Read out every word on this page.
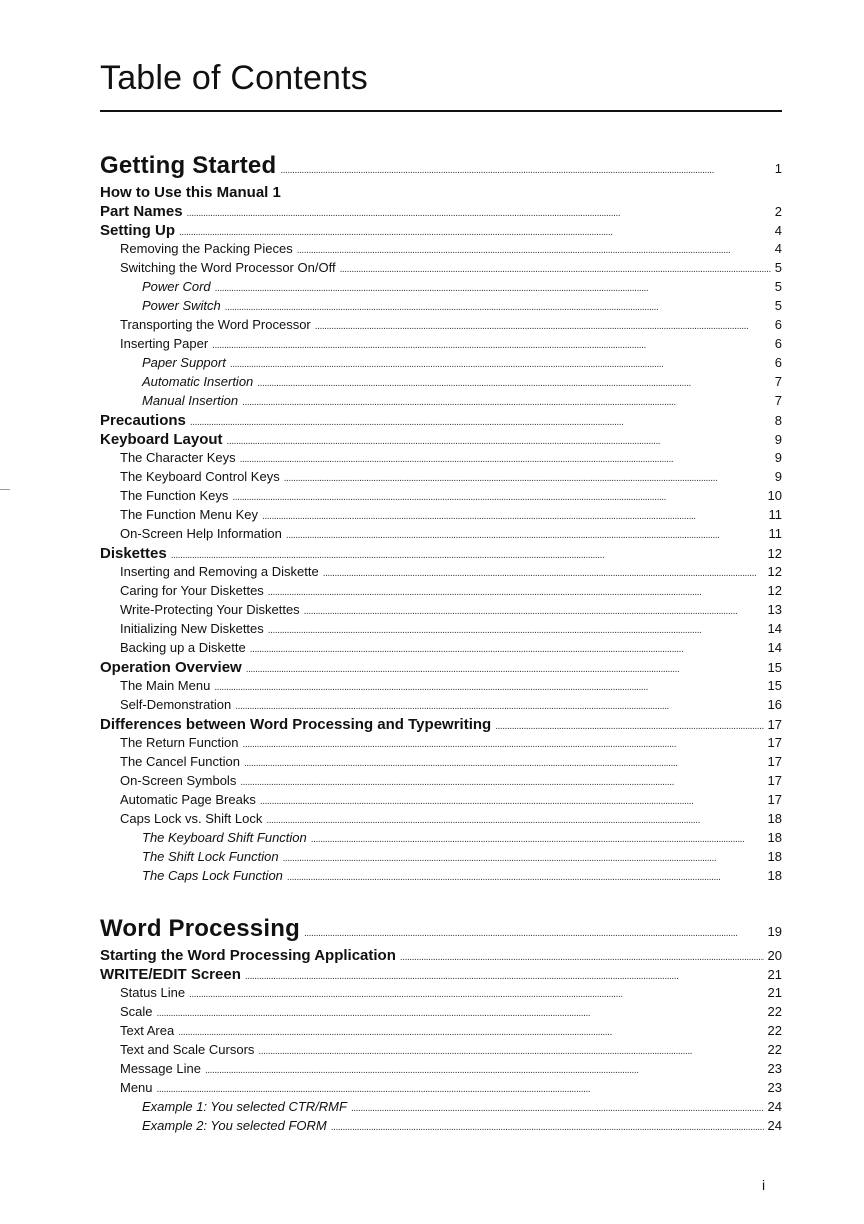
Table of Contents
Getting Started . . .	1
How to Use this Manual 1
Part Names . . .	2
Setting Up . . .	4
Removing the Packing Pieces . . .	4
Switching the Word Processor On/Off . . .	5
Power Cord . . .	5
Power Switch . . .	5
Transporting the Word Processor . . .	6
Inserting Paper . . .	6
Paper Support . . .	6
Automatic Insertion . . .	7
Manual Insertion . . .	7
Precautions . . .	8
Keyboard Layout . . .	9
The Character Keys . . .	9
The Keyboard Control Keys . . .	9
The Function Keys . . .	10
The Function Menu Key . . .	11
On-Screen Help Information . . .	11
Diskettes . . .	12
Inserting and Removing a Diskette . . .	12
Caring for Your Diskettes . . .	12
Write-Protecting Your Diskettes . . .	13
Initializing New Diskettes . . .	14
Backing up a Diskette . . .	14
Operation Overview . . .	15
The Main Menu . . .	15
Self-Demonstration . . .	16
Differences between Word Processing and Typewriting . . .	17
The Return Function . . .	17
The Cancel Function . . .	17
On-Screen Symbols . . .	17
Automatic Page Breaks . . .	17
Caps Lock vs. Shift Lock . . .	18
The Keyboard Shift Function . . .	18
The Shift Lock Function . . .	18
The Caps Lock Function . . .	18
Word Processing . . .	19
Starting the Word Processing Application . . .	20
WRITE/EDIT Screen . . .	21
Status Line . . .	21
Scale . . .	22
Text Area . . .	22
Text and Scale Cursors . . .	22
Message Line . . .	23
Menu . . .	23
Example 1: You selected CTR/RMF . . .	24
Example 2: You selected FORM . . .	24
i
